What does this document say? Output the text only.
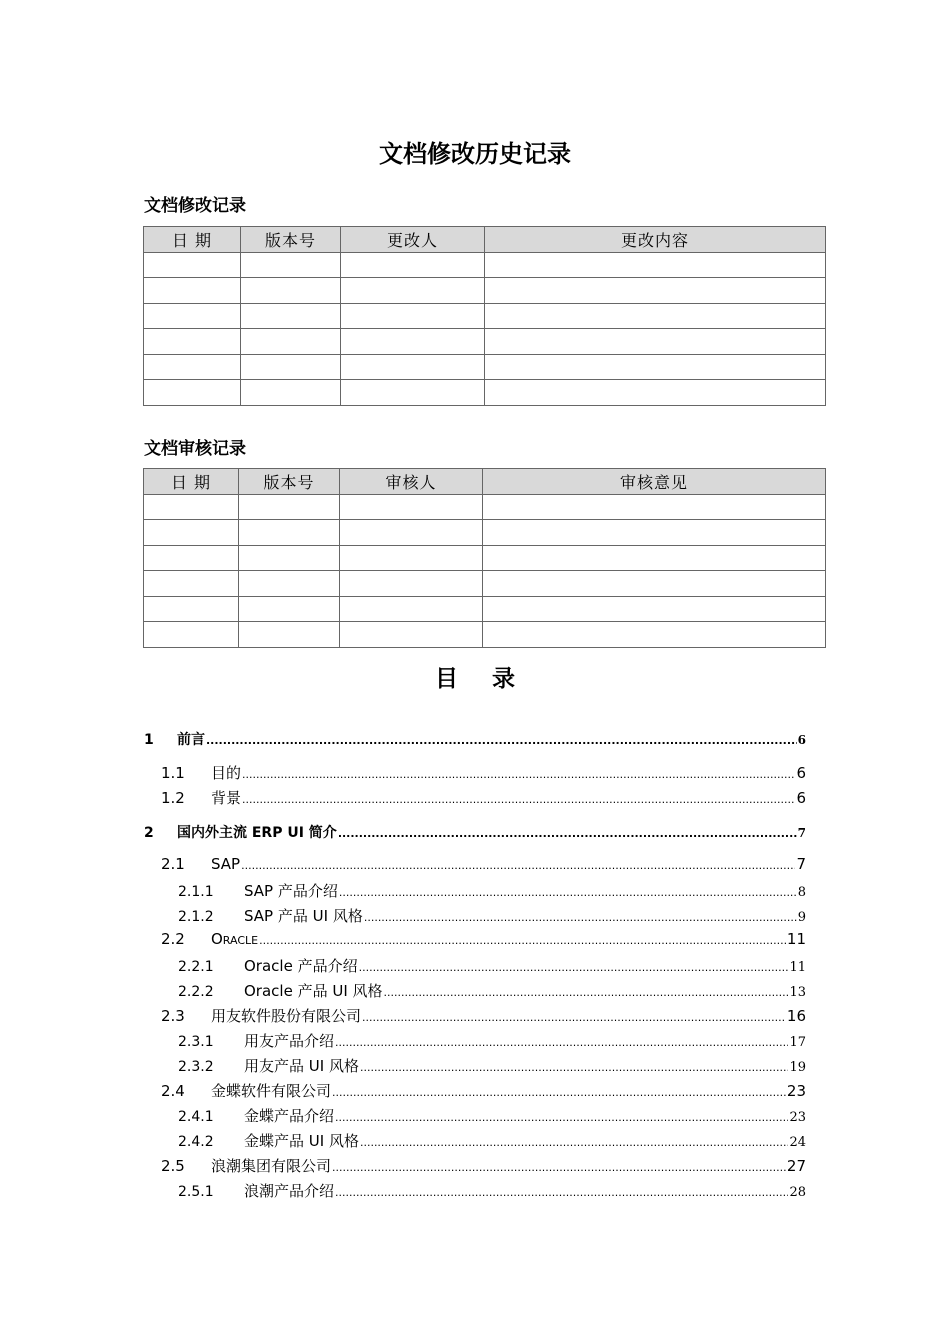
文档修改历史记录
文档修改记录
日 期	版本号	更改人	更改内容

文档审核记录
日 期	版本号	审核人	审核意见

目录
1	前言 .....	6
1.1	目的 .....	6
1.2	背景 .....	6
2	国内外主流 ERP UI 简介 .....	7
2.1	SAP .....	7
2.1.1	SAP 产品介绍 .....	8
2.1.2	SAP 产品 UI 风格 .....	9
2.2	Oracle .....	11
2.2.1	Oracle 产品介绍 .....	11
2.2.2	Oracle 产品 UI 风格 .....	13
2.3	用友软件股份有限公司 .....	16
2.3.1	用友产品介绍 .....	17
2.3.2	用友产品 UI 风格 .....	19
2.4	金蝶软件有限公司 .....	23
2.4.1	金蝶产品介绍 .....	23
2.4.2	金蝶产品 UI 风格 .....	24
2.5	浪潮集团有限公司 .....	27
2.5.1	浪潮产品介绍 .....	28
